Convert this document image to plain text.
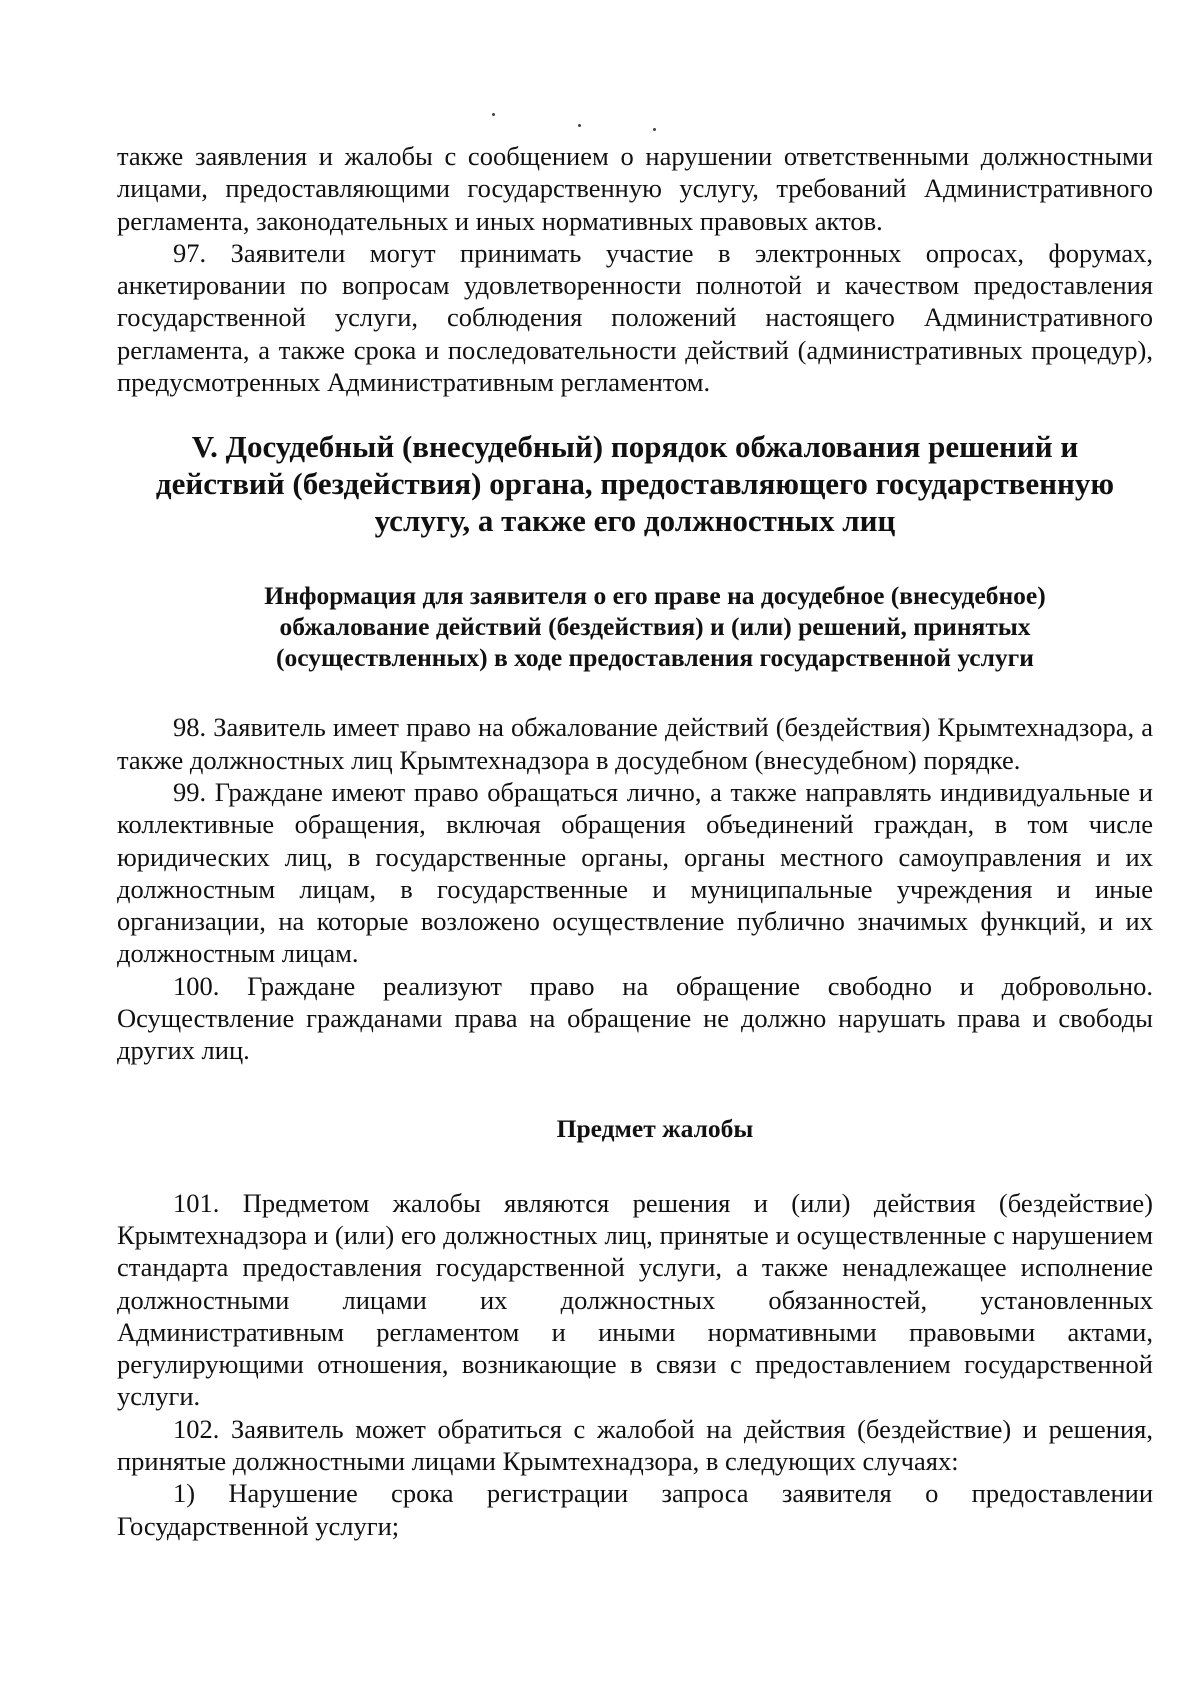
также заявления и жалобы с сообщением о нарушении ответственными должностными лицами, предоставляющими государственную услугу, требований Административного регламента, законодательных и иных нормативных правовых актов.

97. Заявители могут принимать участие в электронных опросах, форумах, анкетировании по вопросам удовлетворенности полнотой и качеством предоставления государственной услуги, соблюдения положений настоящего Административного регламента, а также срока и последовательности действий (административных процедур), предусмотренных Административным регламентом.

V. Досудебный (внесудебный) порядок обжалования решений и
действий (бездействия) органа, предоставляющего государственную
услугу, а также его должностных лиц
Информация для заявителя о его праве на досудебное (внесудебное)
обжалование действий (бездействия) и (или) решений, принятых
(осуществленных) в ходе предоставления государственной услуги

98. Заявитель имеет право на обжалование действий (бездействия) Крымтехнадзора, а также должностных лиц Крымтехнадзора в досудебном (внесудебном) порядке.

99. Граждане имеют право обращаться лично, а также направлять индивидуальные и коллективные обращения, включая обращения объединений граждан, в том числе юридических лиц, в государственные органы, органы местного самоуправления и их должностным лицам, в государственные и муниципальные учреждения и иные организации, на которые возложено осуществление публично значимых функций, и их должностным лицам.

100. Граждане реализуют право на обращение свободно и добровольно. Осуществление гражданами права на обращение не должно нарушать права и свободы других лиц.

Предмет жалобы

101. Предметом жалобы являются решения и (или) действия (бездействие) Крымтехнадзора и (или) его должностных лиц, принятые и осуществленные с нарушением стандарта предоставления государственной услуги, а также ненадлежащее исполнение должностными лицами их должностных обязанностей, установленных Административным регламентом и иными нормативными правовыми актами, регулирующими отношения, возникающие в связи с предоставлением государственной услуги.

102. Заявитель может обратиться с жалобой на действия (бездействие) и решения, принятые должностными лицами Крымтехнадзора, в следующих случаях:

1) Нарушение срока регистрации запроса заявителя о предоставлении Государственной услуги;
